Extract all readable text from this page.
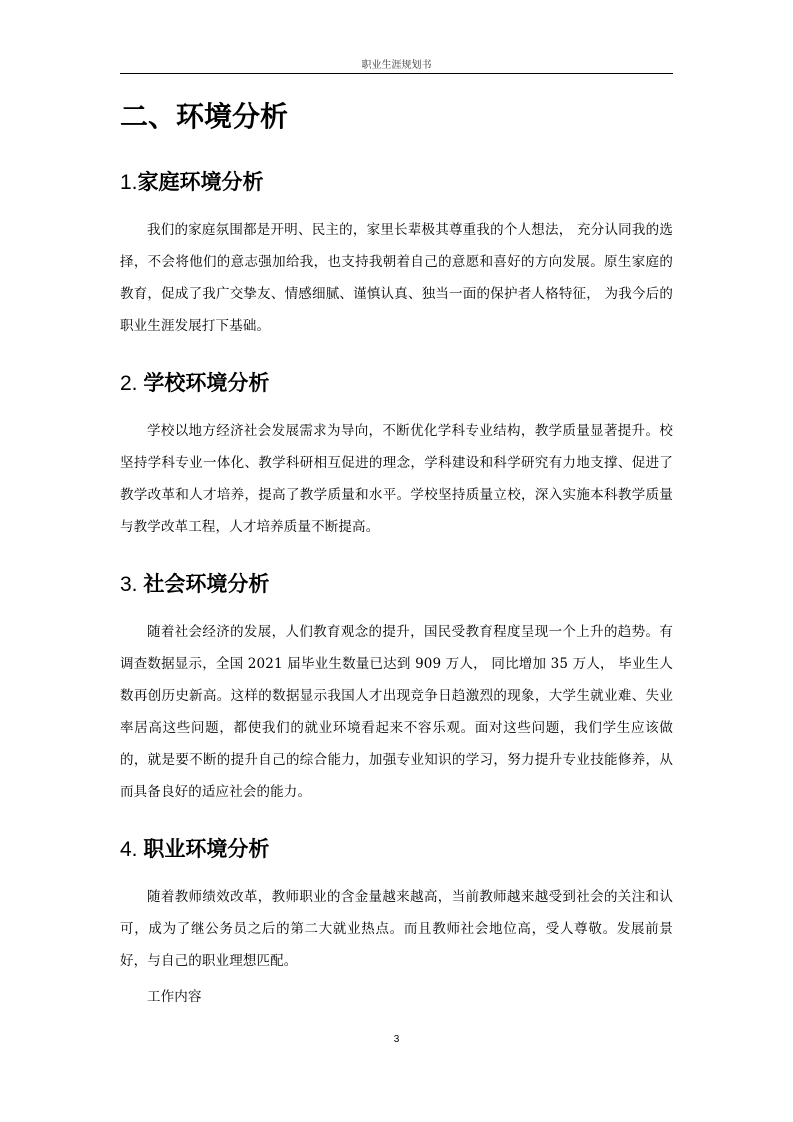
职业生涯规划书
二、环境分析
1.家庭环境分析

我们的家庭氛围都是开明、民主的，家里长辈极其尊重我的个人想法， 充分认同我的选择，不会将他们的意志强加给我，也支持我朝着自己的意愿和喜好的方向发展。原生家庭的教育，促成了我广交挚友、情感细腻、谨慎认真、独当一面的保护者人格特征， 为我今后的职业生涯发展打下基础。

2. 学校环境分析

学校以地方经济社会发展需求为导向，不断优化学科专业结构，教学质量显著提升。校坚持学科专业一体化、教学科研相互促进的理念，学科建设和科学研究有力地支撑、促进了教学改革和人才培养，提高了教学质量和水平。学校坚持质量立校，深入实施本科教学质量与教学改革工程，人才培养质量不断提高。

3. 社会环境分析

随着社会经济的发展，人们教育观念的提升，国民受教育程度呈现一个上升的趋势。有调查数据显示，全国 2021 届毕业生数量已达到 909 万人， 同比增加 35 万人， 毕业生人数再创历史新高。这样的数据显示我国人才出现竞争日趋激烈的现象，大学生就业难、失业率居高这些问题，都使我们的就业环境看起来不容乐观。面对这些问题，我们学生应该做的，就是要不断的提升自己的综合能力，加强专业知识的学习，努力提升专业技能修养，从而具备良好的适应社会的能力。

4. 职业环境分析

随着教师绩效改革，教师职业的含金量越来越高，当前教师越来越受到社会的关注和认可，成为了继公务员之后的第二大就业热点。而且教师社会地位高，受人尊敬。发展前景好，与自己的职业理想匹配。

工作内容

3
